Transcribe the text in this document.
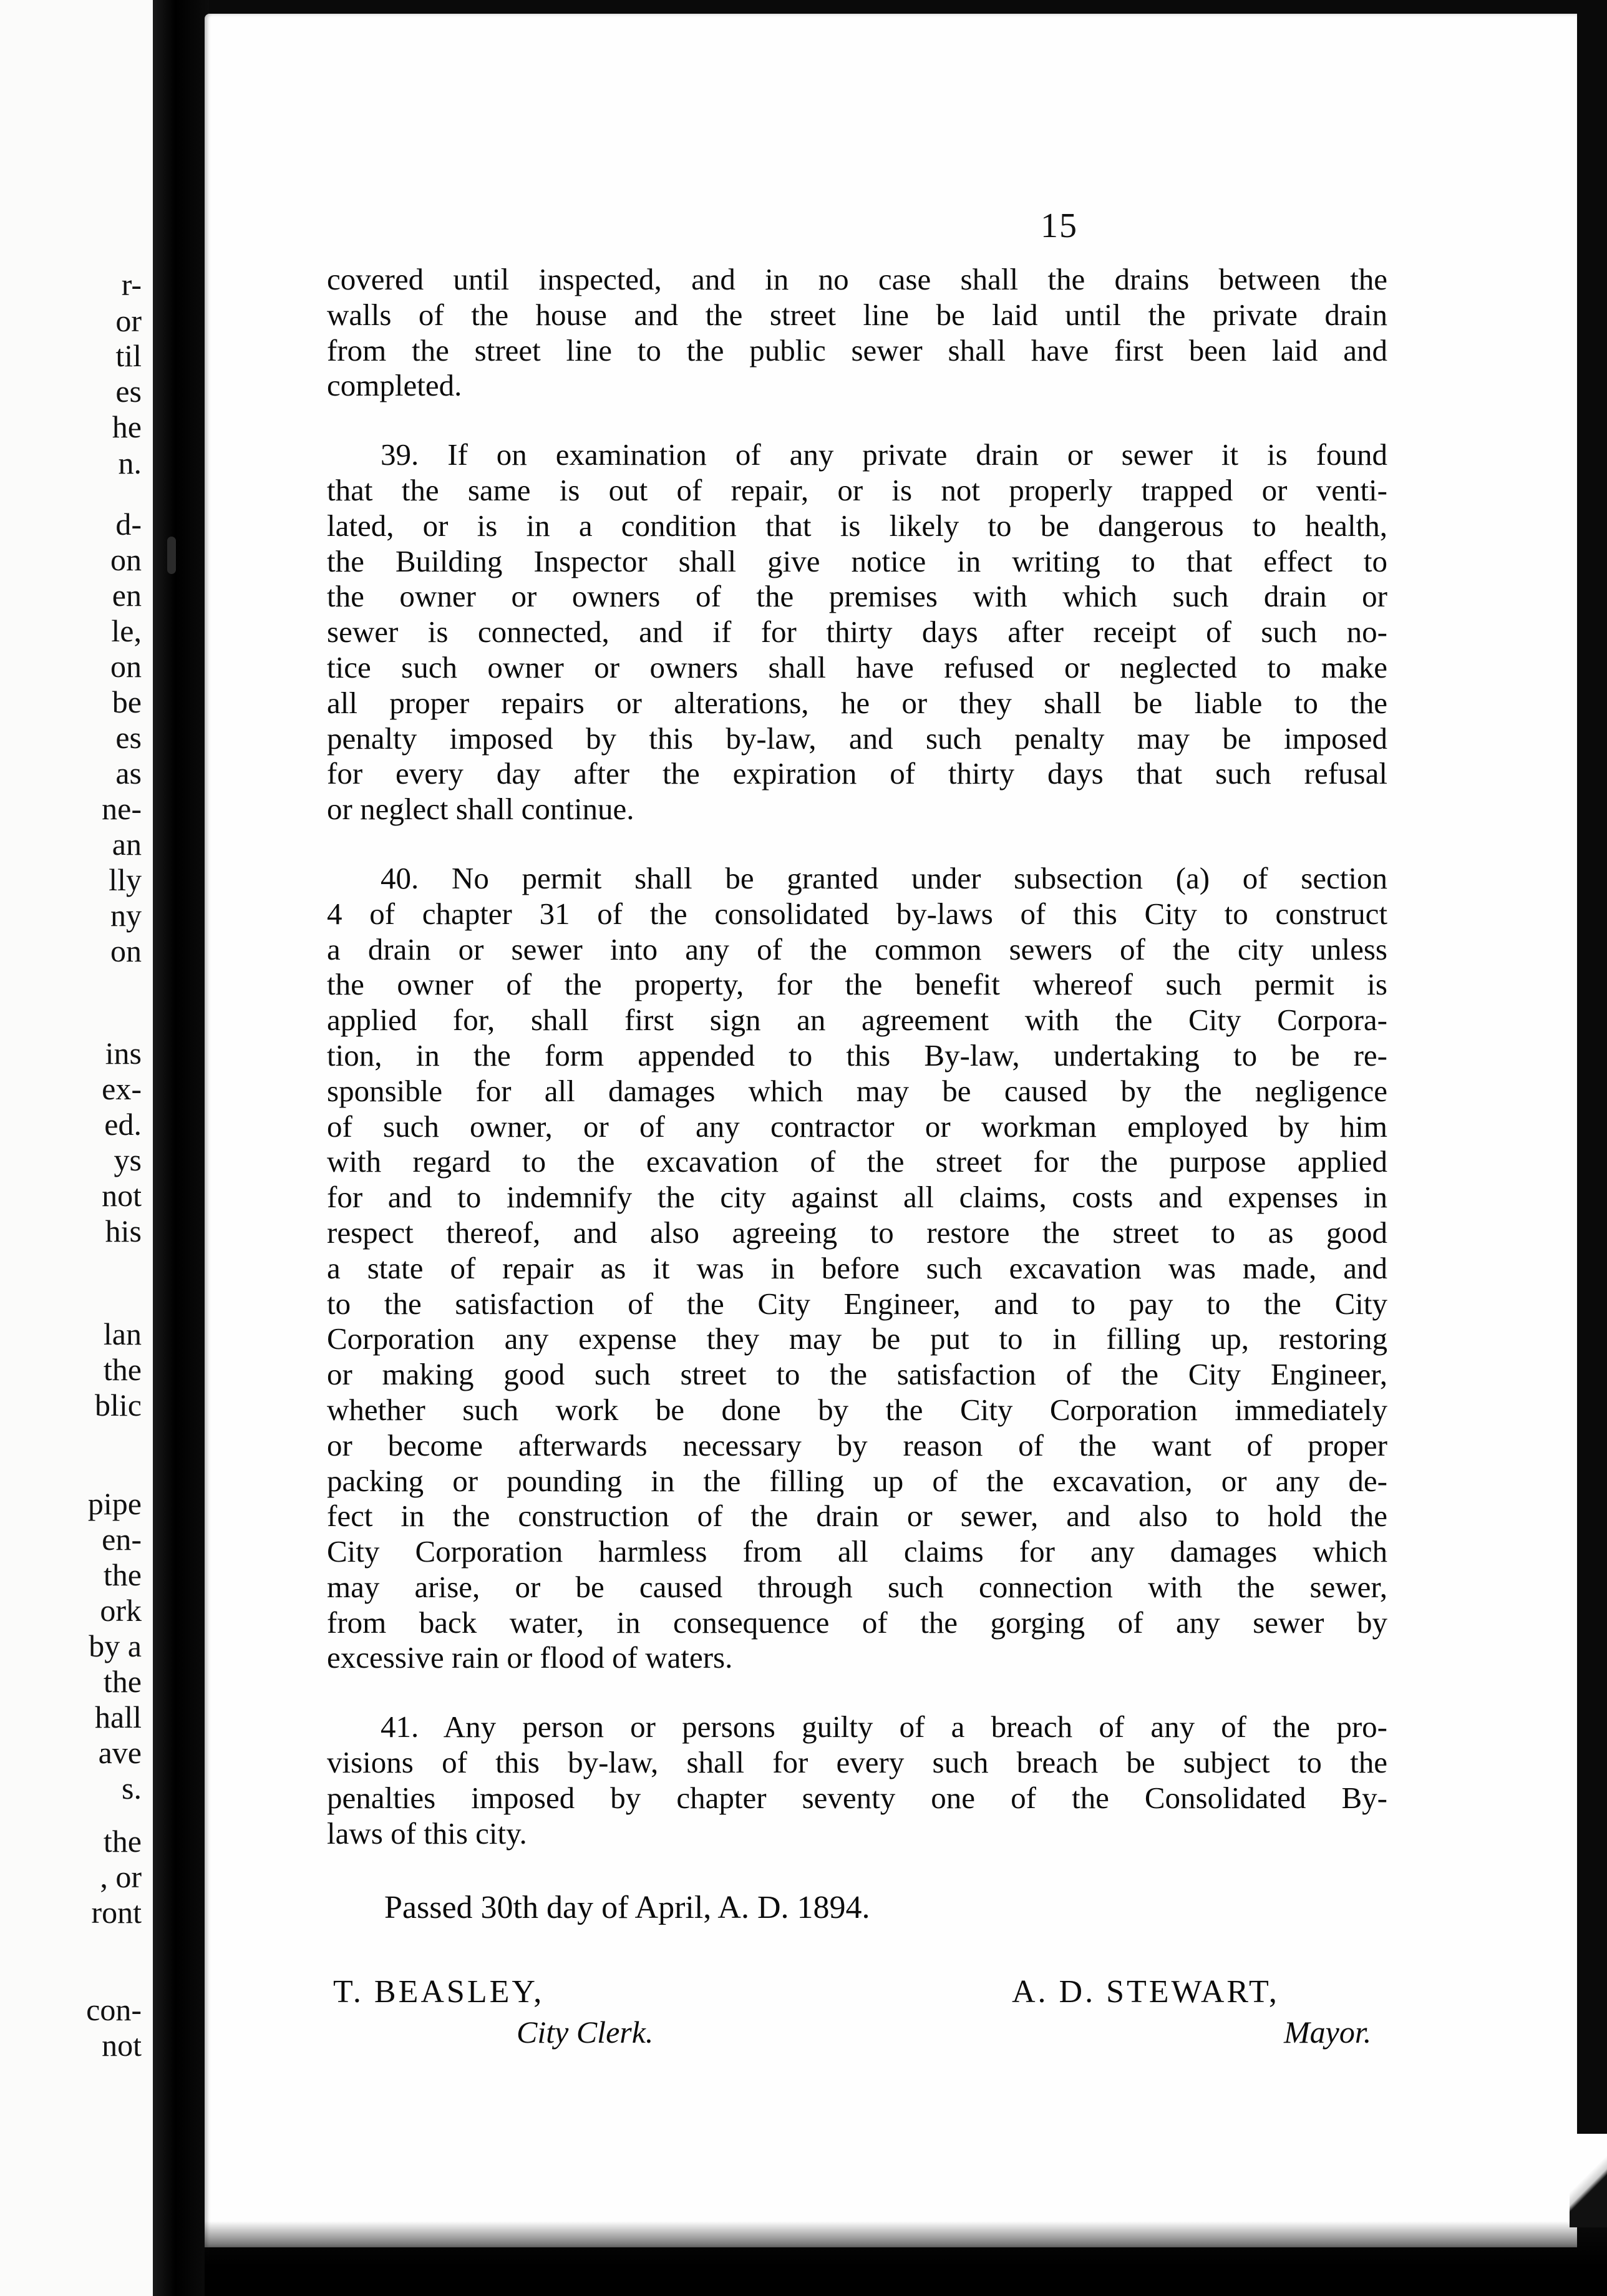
r-
or
til
es
he
n.
d-
on
en
le,
on
be
es
as
ne-
an
lly
ny
on
ins
ex-
ed.
ys
not
his
lan
the
blic
pipe
en-
the
ork
by a
the
hall
ave
s.
the
, or
ront
con-
not
15
covered until inspected, and in no case shall the drains between the
walls of the house and the street line be laid until the private drain
from the street line to the public sewer shall have first been laid and
completed.
39. If on examination of any private drain or sewer it is found
that the same is out of repair, or is not properly trapped or venti-
lated, or is in a condition that is likely to be dangerous to health,
the Building Inspector shall give notice in writing to that effect to
the owner or owners of the premises with which such drain or
sewer is connected, and if for thirty days after receipt of such no-
tice such owner or owners shall have refused or neglected to make
all proper repairs or alterations, he or they shall be liable to the
penalty imposed by this by-law, and such penalty may be imposed
for every day after the expiration of thirty days that such refusal
or neglect shall continue.
40. No permit shall be granted under subsection (a) of section
4 of chapter 31 of the consolidated by-laws of this City to construct
a drain or sewer into any of the common sewers of the city unless
the owner of the property, for the benefit whereof such permit is
applied for, shall first sign an agreement with the City Corpora-
tion, in the form appended to this By-law, undertaking to be re-
sponsible for all damages which may be caused by the negligence
of such owner, or of any contractor or workman employed by him
with regard to the excavation of the street for the purpose applied
for and to indemnify the city against all claims, costs and expenses in
respect thereof, and also agreeing to restore the street to as good
a state of repair as it was in before such excavation was made, and
to the satisfaction of the City Engineer, and to pay to the City
Corporation any expense they may be put to in filling up, restoring
or making good such street to the satisfaction of the City Engineer,
whether such work be done by the City Corporation immediately
or become afterwards necessary by reason of the want of proper
packing or pounding in the filling up of the excavation, or any de-
fect in the construction of the drain or sewer, and also to hold the
City Corporation harmless from all claims for any damages which
may arise, or be caused through such connection with the sewer,
from back water, in consequence of the gorging of any sewer by
excessive rain or flood of waters.
41. Any person or persons guilty of a breach of any of the pro-
visions of this by-law, shall for every such breach be subject to the
penalties imposed by chapter seventy one of the Consolidated By-
laws of this city.
Passed 30th day of April, A. D. 1894.
T. BEASLEY,
City Clerk.
A. D. STEWART,
Mayor.
